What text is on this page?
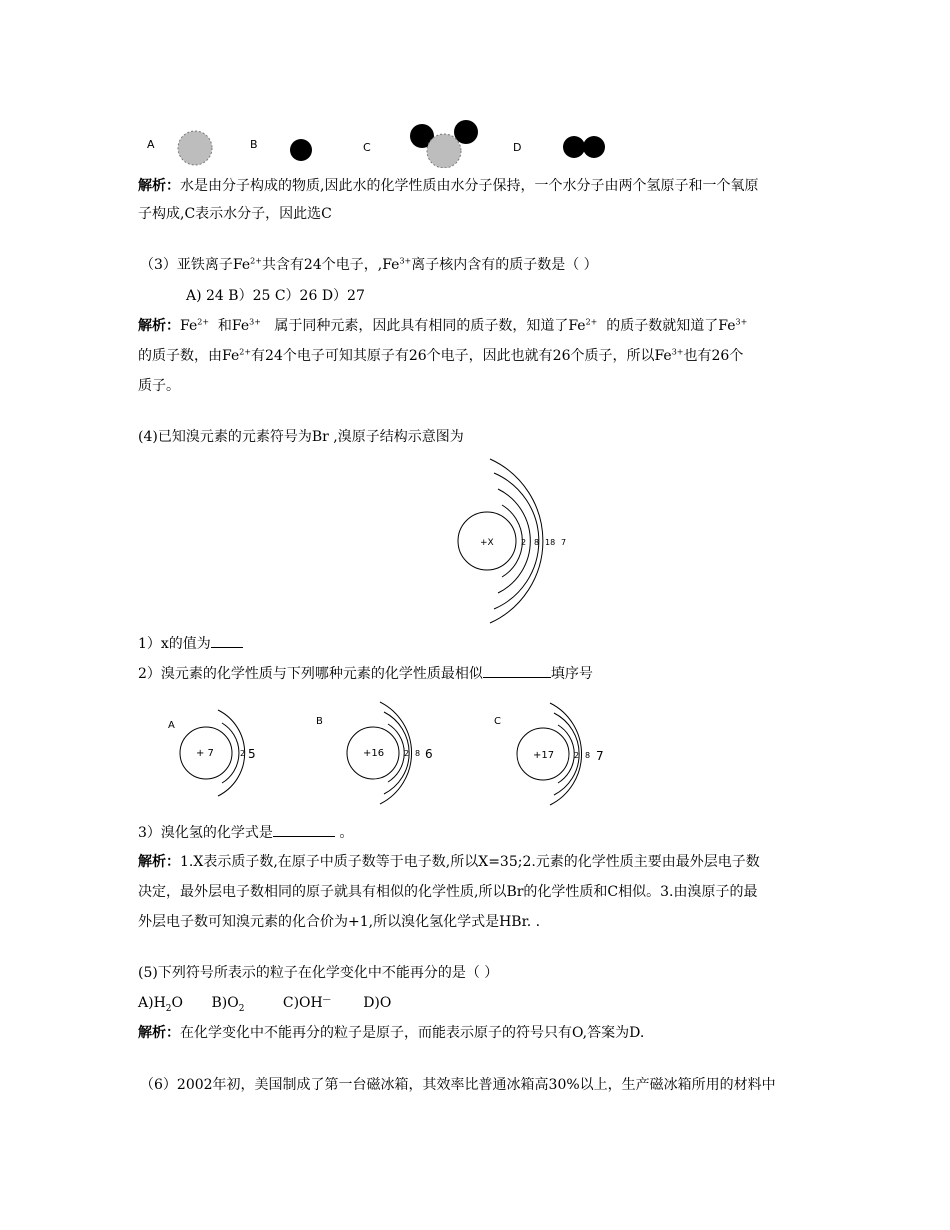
A	B	C	D
解析：水是由分子构成的物质,因此水的化学性质由水分子保持，一个水分子由两个氢原子和一个氧原
子构成,C表示水分子，因此选C
（3）亚铁离子$Fe^{2+}$共含有24个电子，$,Fe^{3+}$离子核内含有的质子数是（ ）
A) 24 B）25 C）26 D）27
解析：$Fe^{2+}$  和$Fe^{3+}$   属于同种元素，因此具有相同的质子数，知道了$Fe^{2+}$  的质子数就知道了$Fe^{3+}$
的质子数，由$Fe^{2+}$有24个电子可知其原子有26个电子，因此也就有26个质子，所以$Fe^{3+}$也有26个
质子。
(4)已知溴元素的元素符号为Br ,溴原子结构示意图为
+X	2 8 18 7
1）x的值为
2）溴元素的化学性质与下列哪种元素的化学性质最相似	填序号
A
+ 7	2 5
B
+16 2 8 6
C
+17 2 8 7
3）溴化氢的化学式是	。
解析：1.X表示质子数,在原子中质子数等于电子数,所以X=35;2.元素的化学性质主要由最外层电子数
决定，最外层电子数相同的原子就具有相似的化学性质,所以Br的化学性质和C相似。3.由溴原子的最
外层电子数可知溴元素的化合价为+1,所以溴化氢化学式是HBr. .
(5)下列符号所表示的粒子在化学变化中不能再分的是（ ）
$A)H_2O$ $B)O_2$	C)OH— D)O
解析：在化学变化中不能再分的粒子是原子，而能表示原子的符号只有O,答案为D.
（6）2002年初，美国制成了第一台磁冰箱，其效率比普通冰箱高30%以上，生产磁冰箱所用的材料中
